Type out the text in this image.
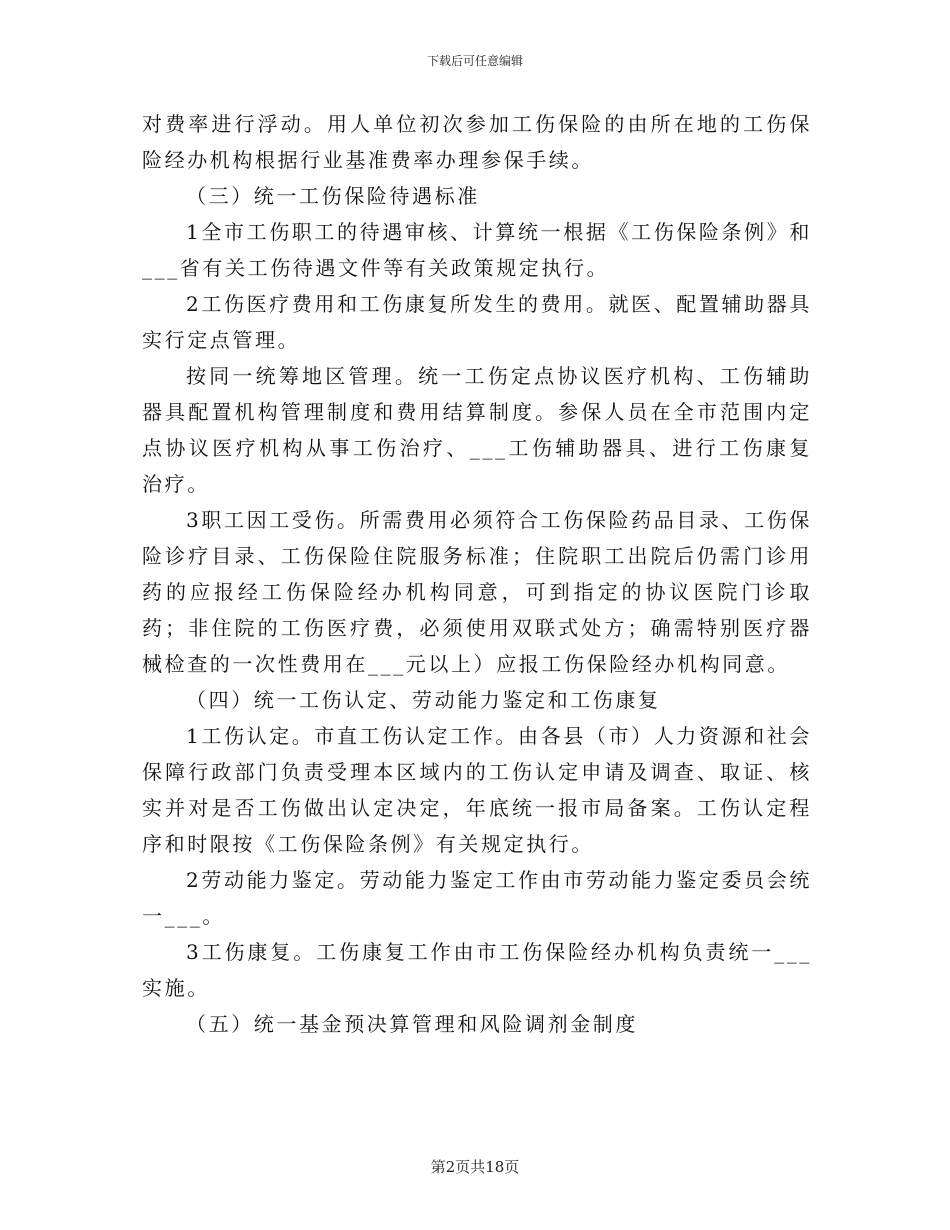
下载后可任意编辑

对费率进行浮动。用人单位初次参加工伤保险的由所在地的工伤保险经办机构根据行业基准费率办理参保手续。

（三）统一工伤保险待遇标准

1全市工伤职工的待遇审核、计算统一根据《工伤保险条例》和___省有关工伤待遇文件等有关政策规定执行。

2工伤医疗费用和工伤康复所发生的费用。就医、配置辅助器具实行定点管理。

按同一统筹地区管理。统一工伤定点协议医疗机构、工伤辅助器具配置机构管理制度和费用结算制度。参保人员在全市范围内定点协议医疗机构从事工伤治疗、___工伤辅助器具、进行工伤康复治疗。

3职工因工受伤。所需费用必须符合工伤保险药品目录、工伤保险诊疗目录、工伤保险住院服务标准；住院职工出院后仍需门诊用药的应报经工伤保险经办机构同意，可到指定的协议医院门诊取药；非住院的工伤医疗费，必须使用双联式处方；确需特别医疗器械检查的一次性费用在___元以上）应报工伤保险经办机构同意。

（四）统一工伤认定、劳动能力鉴定和工伤康复

1工伤认定。市直工伤认定工作。由各县（市）人力资源和社会保障行政部门负责受理本区域内的工伤认定申请及调查、取证、核实并对是否工伤做出认定决定，年底统一报市局备案。工伤认定程序和时限按《工伤保险条例》有关规定执行。

2劳动能力鉴定。劳动能力鉴定工作由市劳动能力鉴定委员会统一___。

3工伤康复。工伤康复工作由市工伤保险经办机构负责统一___实施。

（五）统一基金预决算管理和风险调剂金制度

第2页共18页
